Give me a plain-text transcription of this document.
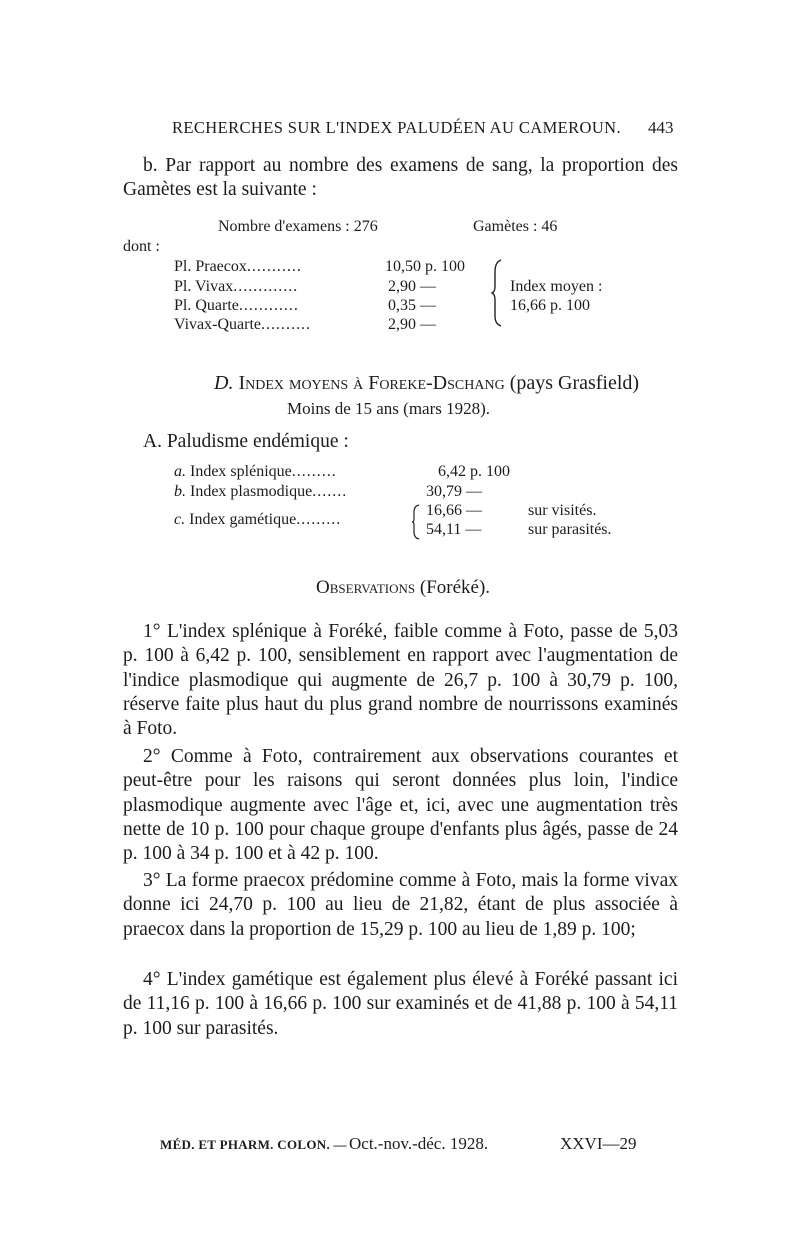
RECHERCHES SUR L'INDEX PALUDÉEN AU CAMEROUN. 443
b. Par rapport au nombre des examens de sang, la proportion des Gamètes est la suivante :
Nombre d'examens : 276	Gamètes : 46
dont :
Pl. Praecox...........	10,50 p. 100
Pl. Vivax.............	2,90 —
Pl. Quarte............	0,35 —
Vivax-Quarte..........	2,90 —
Index moyen :
16,66 p. 100
D. Index moyens à Foreke-Dschang (pays Grasfield)
Moins de 15 ans (mars 1928).
A. Paludisme endémique :
a. Index splénique.........	6,42 p. 100
b. Index plasmodique.......	30,79 —
c. Index gamétique.........
16,66 —	sur visités.
54,11 —	sur parasités.
Observations (Foréké).
1° L'index splénique à Foréké, faible comme à Foto, passe de 5,03 p. 100 à 6,42 p. 100, sensiblement en rapport avec l'augmentation de l'indice plasmodique qui augmente de 26,7 p. 100 à 30,79 p. 100, réserve faite plus haut du plus grand nombre de nourrissons examinés à Foto.
2° Comme à Foto, contrairement aux observations courantes et peut-être pour les raisons qui seront données plus loin, l'indice plasmodique augmente avec l'âge et, ici, avec une augmentation très nette de 10 p. 100 pour chaque groupe d'enfants plus âgés, passe de 24 p. 100 à 34 p. 100 et à 42 p. 100.
3° La forme praecox prédomine comme à Foto, mais la forme vivax donne ici 24,70 p. 100 au lieu de 21,82, étant de plus associée à praecox dans la proportion de 15,29 p. 100 au lieu de 1,89 p. 100;
4° L'index gamétique est également plus élevé à Foréké passant ici de 11,16 p. 100 à 16,66 p. 100 sur examinés et de 41,88 p. 100 à 54,11 p. 100 sur parasités.
MÉD. ET PHARM. COLON. — Oct.-nov.-déc. 1928.	XXVI—29
